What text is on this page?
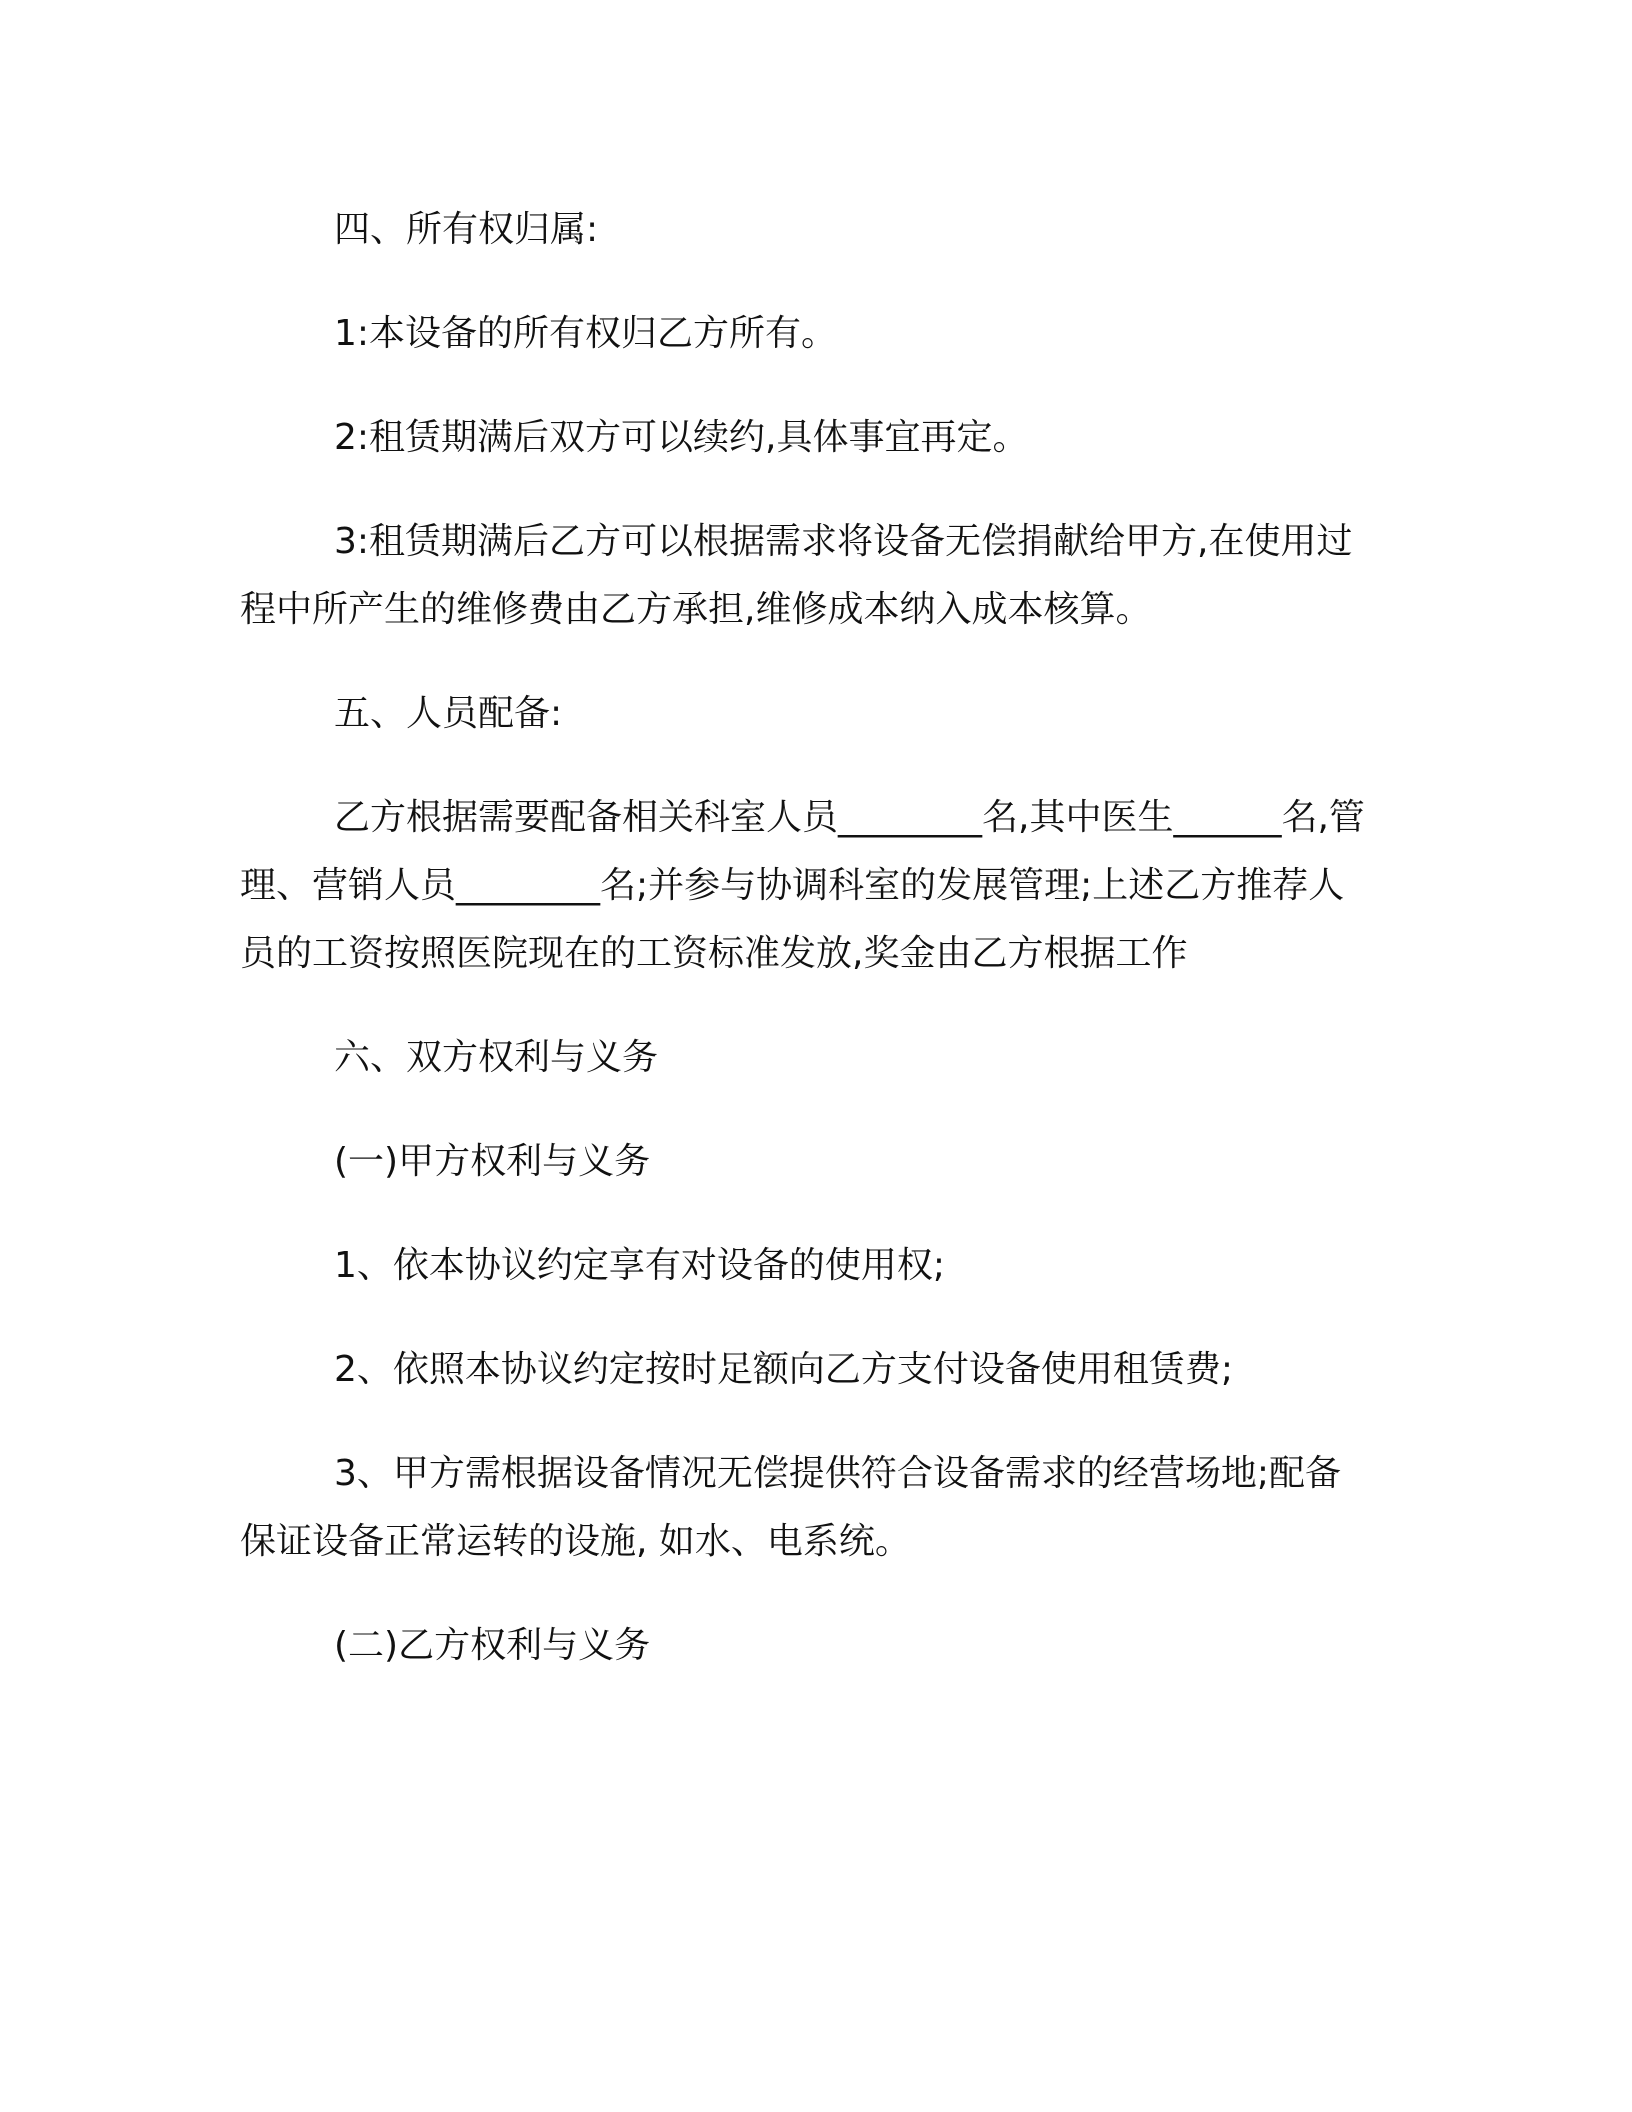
四、所有权归属:

1:本设备的所有权归乙方所有。

2:租赁期满后双方可以续约,具体事宜再定。

3:租赁期满后乙方可以根据需求将设备无偿捐献给甲方,在使用过程中所产生的维修费由乙方承担,维修成本纳入成本核算。

五、人员配备:

乙方根据需要配备相关科室人员________名,其中医生______名,管理、营销人员________名;并参与协调科室的发展管理;上述乙方推荐人员的工资按照医院现在的工资标准发放,奖金由乙方根据工作

六、双方权利与义务

(一)甲方权利与义务

1、依本协议约定享有对设备的使用权;

2、依照本协议约定按时足额向乙方支付设备使用租赁费;

3、甲方需根据设备情况无偿提供符合设备需求的经营场地;配备保证设备正常运转的设施, 如水、电系统。

(二)乙方权利与义务
